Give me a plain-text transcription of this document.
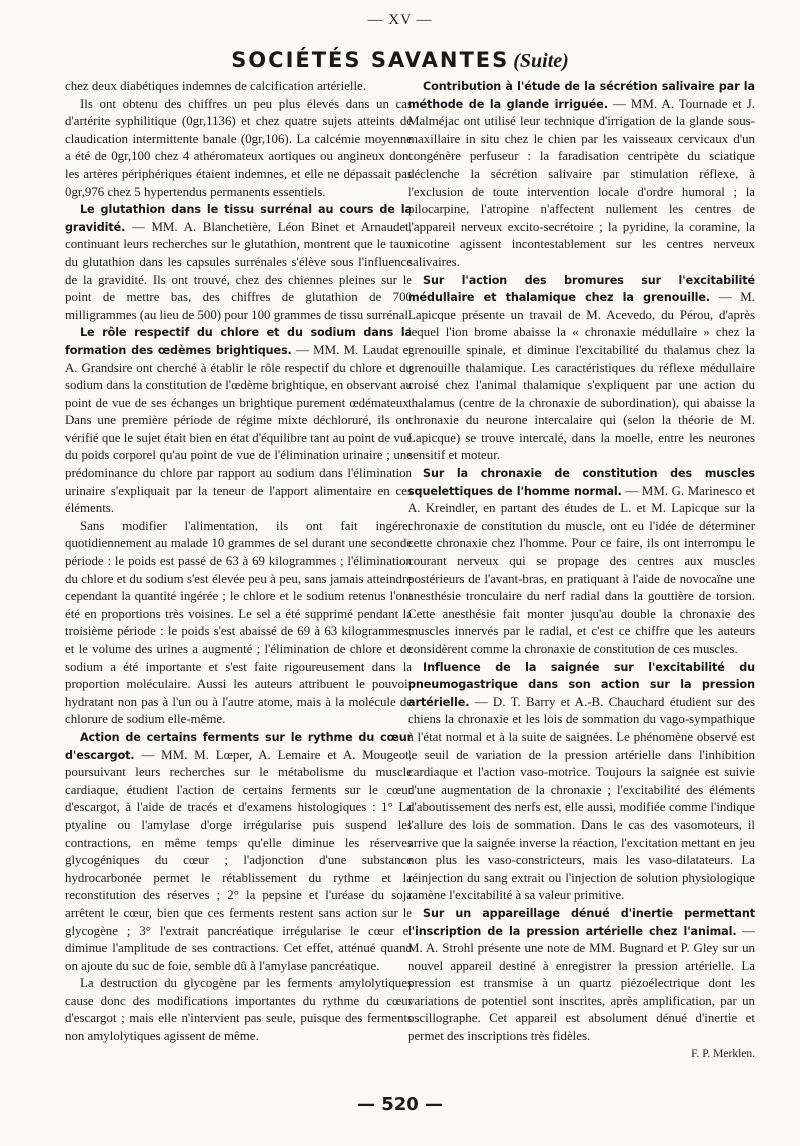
— XV —
SOCIÉTÉS SAVANTES (Suite)

chez deux diabétiques indemnes de calcification artérielle.

Ils ont obtenu des chiffres un peu plus élevés dans un cas d'artérite syphilitique (0gr,1136) et chez quatre sujets atteints de claudication intermittente banale (0gr,106). La calcémie moyenne a été de 0gr,100 chez 4 athéromateux aortiques ou angineux dont les artères périphériques étaient indemnes, et elle ne dépassait pas 0gr,976 chez 5 hypertendus permanents essentiels.

Le glutathion dans le tissu surrénal au cours de la gravidité. — MM. A. Blanchetière, Léon Binet et Arnaudet, continuant leurs recherches sur le glutathion, montrent que le taux du glutathion dans les capsules surrénales s'élève sous l'influence de la gravidité. Ils ont trouvé, chez des chiennes pleines sur le point de mettre bas, des chiffres de glutathion de 700 milligrammes (au lieu de 500) pour 100 grammes de tissu surrénal.

Le rôle respectif du chlore et du sodium dans la formation des œdèmes brightiques. — MM. M. Laudat et A. Grandsire ont cherché à établir le rôle respectif du chlore et du sodium dans la constitution de l'œdème brightique, en observant au point de vue de ses échanges un brightique purement œdémateux. Dans une première période de régime mixte déchloruré, ils ont vérifié que le sujet était bien en état d'équilibre tant au point de vue du poids corporel qu'au point de vue de l'élimination urinaire ; une prédominance du chlore par rapport au sodium dans l'élimination urinaire s'expliquait par la teneur de l'apport alimentaire en ces éléments.

Sans modifier l'alimentation, ils ont fait ingérer quotidiennement au malade 10 grammes de sel durant une seconde période : le poids est passé de 63 à 69 kilogrammes ; l'élimination du chlore et du sodium s'est élevée peu à peu, sans jamais atteindre cependant la quantité ingérée ; le chlore et le sodium retenus l'ont été en proportions très voisines. Le sel a été supprimé pendant la troisième période : le poids s'est abaissé de 69 à 63 kilogrammes, et le volume des urines a augmenté ; l'élimination de chlore et de sodium a été importante et s'est faite rigoureusement dans la proportion moléculaire. Aussi les auteurs attribuent le pouvoir hydratant non pas à l'un ou à l'autre atome, mais à la molécule de chlorure de sodium elle-même.

Action de certains ferments sur le rythme du cœur d'escargot. — MM. M. Lœper, A. Lemaire et A. Mougeot, poursuivant leurs recherches sur le métabolisme du muscle cardiaque, étudient l'action de certains ferments sur le cœur d'escargot, à l'aide de tracés et d'examens histologiques : 1° La ptyaline ou l'amylase d'orge irrégularise puis suspend les contractions, en même temps qu'elle diminue les réserves glycogéniques du cœur ; l'adjonction d'une substance hydrocarbonée permet le rétablissement du rythme et la reconstitution des réserves ; 2° la pepsine et l'uréase du soja arrêtent le cœur, bien que ces ferments restent sans action sur le glycogène ; 3° l'extrait pancréatique irrégularise le cœur et diminue l'amplitude de ses contractions. Cet effet, atténué quand on ajoute du suc de foie, semble dû à l'amylase pancréatique.

La destruction du glycogène par les ferments amylolytiques cause donc des modifications importantes du rythme du cœur d'escargot ; mais elle n'intervient pas seule, puisque des ferments non amylolytiques agissent de même.

Contribution à l'étude de la sécrétion salivaire par la méthode de la glande irriguée. — MM. A. Tournade et J. Malméjac ont utilisé leur technique d'irrigation de la glande sous-maxillaire in situ chez le chien par les vaisseaux cervicaux d'un congénère perfuseur : la faradisation centripète du sciatique déclenche la sécrétion salivaire par stimulation réflexe, à l'exclusion de toute intervention locale d'ordre humoral ; la pilocarpine, l'atropine n'affectent nullement les centres de l'appareil nerveux excito-secrétoire ; la pyridine, la coramine, la nicotine agissent incontestablement sur les centres nerveux salivaires.

Sur l'action des bromures sur l'excitabilité médullaire et thalamique chez la grenouille. — M. Lapicque présente un travail de M. Acevedo, du Pérou, d'après lequel l'ion brome abaisse la « chronaxie médullaire » chez la grenouille spinale, et diminue l'excitabilité du thalamus chez la grenouille thalamique. Les caractéristiques du réflexe médullaire croisé chez l'animal thalamique s'expliquent par une action du thalamus (centre de la chronaxie de subordination), qui abaisse la chronaxie du neurone intercalaire qui (selon la théorie de M. Lapicque) se trouve intercalé, dans la moelle, entre les neurones sensitif et moteur.

Sur la chronaxie de constitution des muscles squelettiques de l'homme normal. — MM. G. Marinesco et A. Kreindler, en partant des études de L. et M. Lapicque sur la chronaxie de constitution du muscle, ont eu l'idée de déterminer cette chronaxie chez l'homme. Pour ce faire, ils ont interrompu le courant nerveux qui se propage des centres aux muscles postérieurs de l'avant-bras, en pratiquant à l'aide de novocaïne une anesthésie tronculaire du nerf radial dans la gouttière de torsion. Cette anesthésie fait monter jusqu'au double la chronaxie des muscles innervés par le radial, et c'est ce chiffre que les auteurs considèrent comme la chronaxie de constitution de ces muscles.

Influence de la saignée sur l'excitabilité du pneumogastrique dans son action sur la pression artérielle. — D. T. Barry et A.-B. Chauchard étudient sur des chiens la chronaxie et les lois de sommation du vago-sympathique à l'état normal et à la suite de saignées. Le phénomène observé est le seuil de variation de la pression artérielle dans l'inhibition cardiaque et l'action vaso-motrice. Toujours la saignée est suivie d'une augmentation de la chronaxie ; l'excitabilité des éléments d'aboutissement des nerfs est, elle aussi, modifiée comme l'indique l'allure des lois de sommation. Dans le cas des vasomoteurs, il arrive que la saignée inverse la réaction, l'excitation mettant en jeu non plus les vaso-constricteurs, mais les vaso-dilatateurs. La réinjection du sang extrait ou l'injection de solution physiologique ramène l'excitabilité à sa valeur primitive.

Sur un appareillage dénué d'inertie permettant l'inscription de la pression artérielle chez l'animal. — M. A. Strohl présente une note de MM. Bugnard et P. Gley sur un nouvel appareil destiné à enregistrer la pression artérielle. La pression est transmise à un quartz piézoélectrique dont les variations de potentiel sont inscrites, après amplification, par un oscillographe. Cet appareil est absolument dénué d'inertie et permet des inscriptions très fidèles.

F. P. Merklen.
— 520 —
